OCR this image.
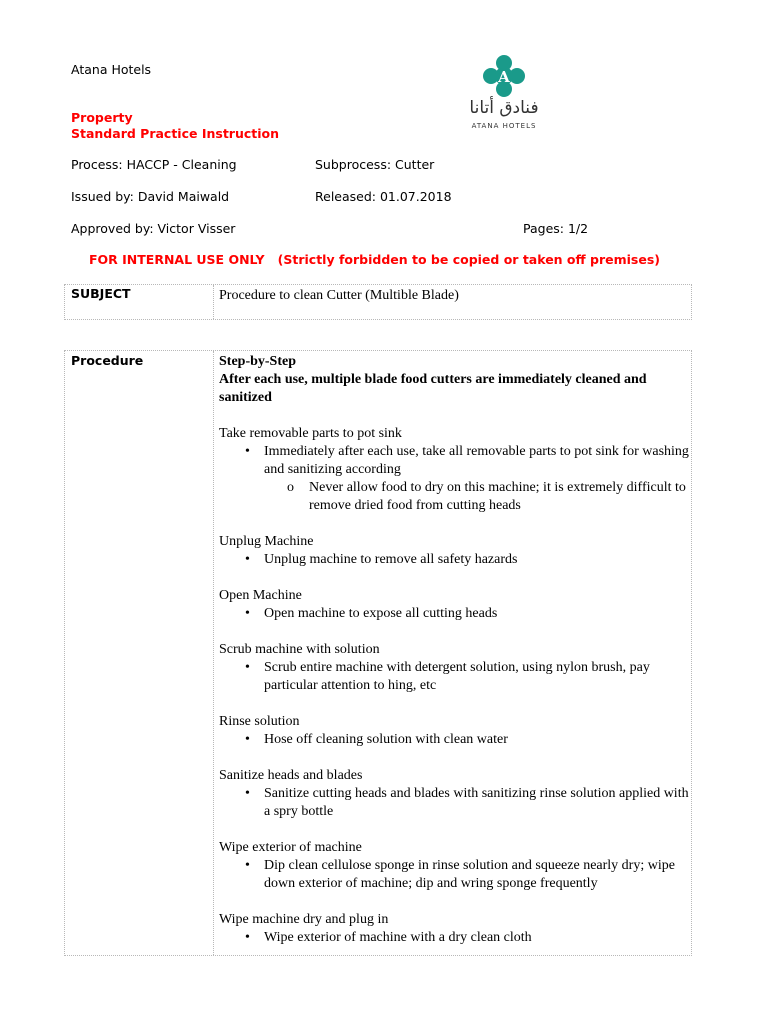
Atana Hotels
Property
Standard Practice Instruction
Process: HACCP - Cleaning	Subprocess: Cutter
Issued by: David Maiwald	Released: 01.07.2018
Approved by: Victor Visser	Pages: 1/2
FOR INTERNAL USE ONLY   (Strictly forbidden to be copied or taken off premises)
A
فنادق أتانا
ATANA HOTELS
SUBJECT	Procedure to clean Cutter (Multible Blade)
Procedure	Step-by-Step

After each use, multiple blade food cutters are immediately cleaned and sanitized

Take removable parts to pot sink

• Immediately after each use, take all removable parts to pot sink for washing and sanitizing according
o Never allow food to dry on this machine; it is extremely difficult to remove dried food from cutting heads

Unplug Machine

• Unplug machine to remove all safety hazards

Open Machine

• Open machine to expose all cutting heads

Scrub machine with solution

• Scrub entire machine with detergent solution, using nylon brush, pay particular attention to hing, etc

Rinse solution

• Hose off cleaning solution with clean water

Sanitize heads and blades

• Sanitize cutting heads and blades with sanitizing rinse solution applied with a spry bottle

Wipe exterior of machine

• Dip clean cellulose sponge in rinse solution and squeeze nearly dry; wipe down exterior of machine; dip and wring sponge frequently

Wipe machine dry and plug in

• Wipe exterior of machine with a dry clean cloth
